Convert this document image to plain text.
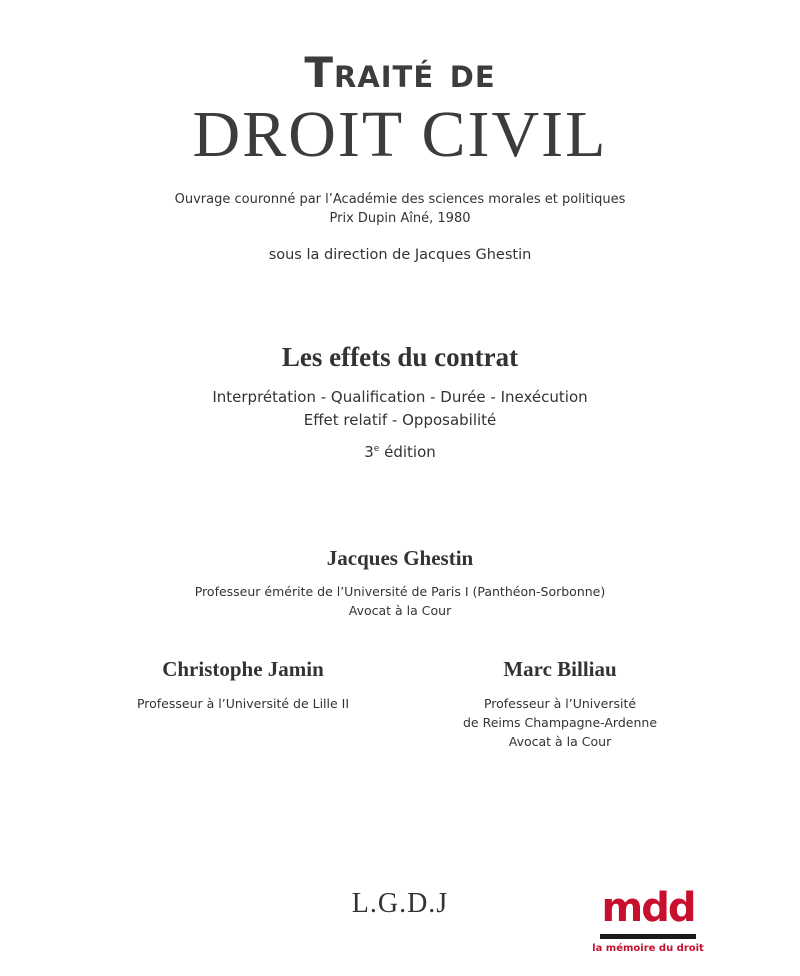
Traité de
DROIT CIVIL
Ouvrage couronné par l’Académie des sciences morales et politiques
Prix Dupin Aîné, 1980
sous la direction de Jacques Ghestin
Les effets du contrat
Interprétation - Qualification - Durée - Inexécution
Effet relatif - Opposabilité
3e édition
Jacques Ghestin
Professeur émérite de l’Université de Paris I (Panthéon-Sorbonne)
Avocat à la Cour
Christophe Jamin
Professeur à l’Université de Lille II
Marc Billiau
Professeur à l’Université
de Reims Champagne-Ardenne
Avocat à la Cour
L.G.D.J	mdd
la mémoire du droit
